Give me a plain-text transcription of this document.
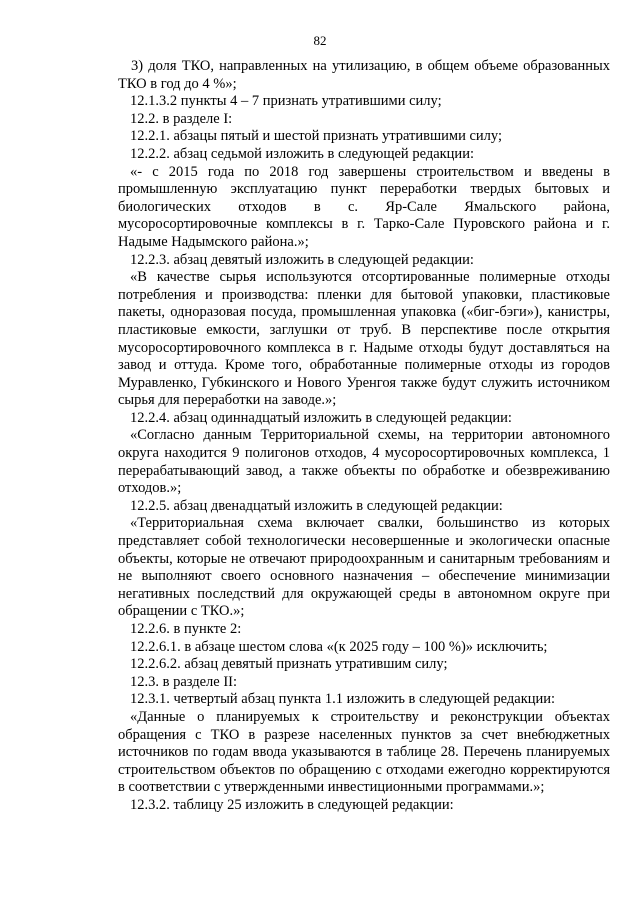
82

3) доля ТКО, направленных на утилизацию, в общем объеме образованных ТКО в год до 4 %»;

12.1.3.2 пункты 4 – 7 признать утратившими силу;

12.2. в разделе I:

12.2.1. абзацы пятый и шестой признать утратившими силу;

12.2.2. абзац седьмой изложить в следующей редакции:

«- с 2015 года по 2018 год завершены строительством и введены в промышленную эксплуатацию пункт переработки твердых бытовых и биологических отходов в с. Яр-Сале Ямальского района, мусоросортировочные комплексы в г. Тарко-Сале Пуровского района и г. Надыме Надымского района.»;

12.2.3. абзац девятый изложить в следующей редакции:

«В качестве сырья используются отсортированные полимерные отходы потребления и производства: пленки для бытовой упаковки, пластиковые пакеты, одноразовая посуда, промышленная упаковка («биг-бэги»), канистры, пластиковые емкости, заглушки от труб. В перспективе после открытия мусоросортировочного комплекса в г. Надыме отходы будут доставляться на завод и оттуда. Кроме того, обработанные полимерные отходы из городов Муравленко, Губкинского и Нового Уренгоя также будут служить источником сырья для переработки на заводе.»;

12.2.4. абзац одиннадцатый изложить в следующей редакции:

«Согласно данным Территориальной схемы, на территории автономного округа находится 9 полигонов отходов, 4 мусоросортировочных комплекса, 1 перерабатывающий завод, а также объекты по обработке и обезвреживанию отходов.»;

12.2.5. абзац двенадцатый изложить в следующей редакции:

«Территориальная схема включает свалки, большинство из которых представляет собой технологически несовершенные и экологически опасные объекты, которые не отвечают природоохранным и санитарным требованиям и не выполняют своего основного назначения – обеспечение минимизации негативных последствий для окружающей среды в автономном округе при обращении с ТКО.»;

12.2.6. в пункте 2:

12.2.6.1. в абзаце шестом слова «(к 2025 году – 100 %)» исключить;

12.2.6.2. абзац девятый признать утратившим силу;

12.3. в разделе II:

12.3.1. четвертый абзац пункта 1.1 изложить в следующей редакции:

«Данные о планируемых к строительству и реконструкции объектах обращения с ТКО в разрезе населенных пунктов за счет внебюджетных источников по годам ввода указываются в таблице 28. Перечень планируемых строительством объектов по обращению с отходами ежегодно корректируются в соответствии с утвержденными инвестиционными программами.»;

12.3.2. таблицу 25 изложить в следующей редакции:
